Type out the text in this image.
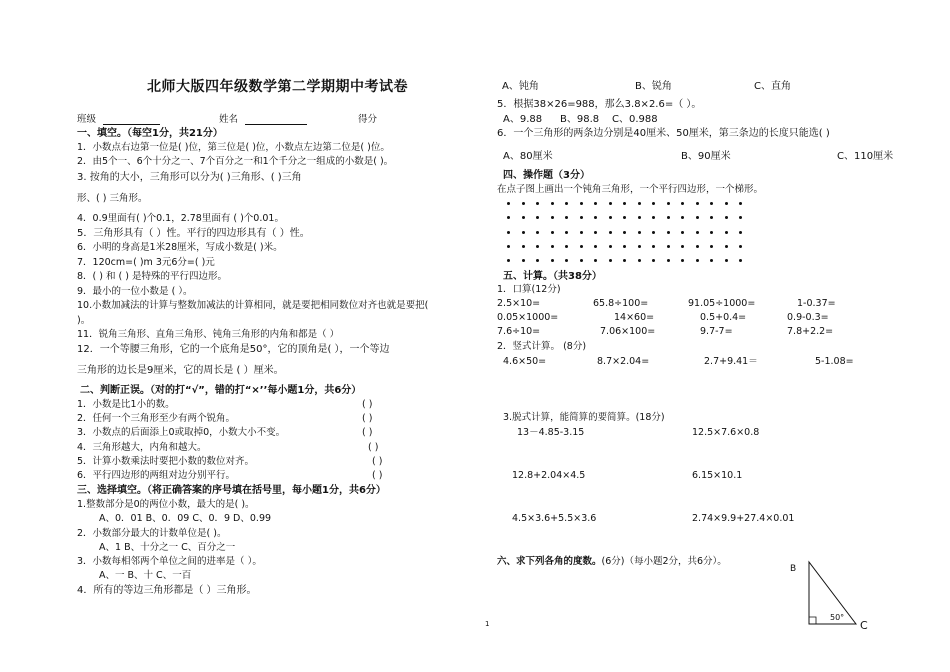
北师大版四年级数学第二学期期中考试卷
班级	姓名	得分
一、填空。（每空1分，共21分）
1．小数点右边第一位是( )位，第三位是( )位，小数点左边第二位是( )位。
2．由5个一、6个十分之一、7个百分之一和1个千分之一组成的小数是( )。
3. 按角的大小，三角形可以分为( )三角形、( )三角
形、( ) 三角形。
4．0.9里面有( )个0.1，2.78里面有 ( )个0.01。
5．三角形具有（ ）性。平行的四边形具有（ ）性。
6．小明的身高是1米28厘米，写成小数是( )米。
7．120cm=( )m 3元6分=( )元
8．( ) 和 ( ) 是特殊的平行四边形。
9．最小的一位小数是 ( ）。
10.小数加减法的计算与整数加减法的计算相同，就是要把相同数位对齐也就是要把(
)。
11．锐角三角形、直角三角形、钝角三角形的内角和都是（ ）
12．一个等腰三角形，它的一个底角是50°，它的顶角是( ），一个等边
三角形的边长是9厘米，它的周长是 ( ）厘米。
二、判断正误。（对的打“√”，错的打“×’’每小题1分，共6分）
1．小数是比1小的数。	( )
2．任何一个三角形至少有两个锐角。	( )
3．小数点的后面添上0或取掉0，小数大小不变。	( )
4．三角形越大，内角和越大。	( )
5．计算小数乘法时要把小数的数位对齐。	( )
6．平行四边形的两组对边分别平行。	( )
三、选择填空。（将正确答案的序号填在括号里，每小题1分，共6分）
1.整数部分是0的两位小数，最大的是( )。
A、0．01 B、0．09 C、0．9 D、0.99
2．小数部分最大的计数单位是( )。
A、1 B、十分之一 C、百分之一
3．小数每相邻两个单位之间的进率是（ ）。
A、一 B、十 C、一百
4．所有的等边三角形都是（ ）三角形。
A、钝角	B、锐角	C、直角
5．根据38×26=988，那么3.8×2.6=（ ）。
A、9.88 B、98.8 C、0.988
6．一个三角形的两条边分别是40厘米、50厘米，第三条边的长度只能选( )
A、80厘米	B、90厘米	C、110厘米
四、操作题（3分）
在点子图上画出一个钝角三角形，一个平行四边形，一个梯形。
五、计算。（共38分）
1．口算(12分)
2.5×10=	65.8÷100=	91.05÷1000=	1-0.37=
0.05×1000=	14×60=	0.5+0.4=	0.9-0.3=
7.6÷10=	7.06×100=	9.7-7=	7.8+2.2=
2．竖式计算。 (8分)
4.6×50=	8.7×2.04=	2.7+9.41＝	5-1.08=
3.脱式计算，能简算的要简算。(18分)
13－4.85-3.15	12.5×7.6×0.8
12.8+2.04×4.5	6.15×10.1
4.5×3.6+5.5×3.6	2.74×9.9+27.4×0.01
六、求下列各角的度数。(6分)（每小题2分，共6分）。
B
C
50°
1
